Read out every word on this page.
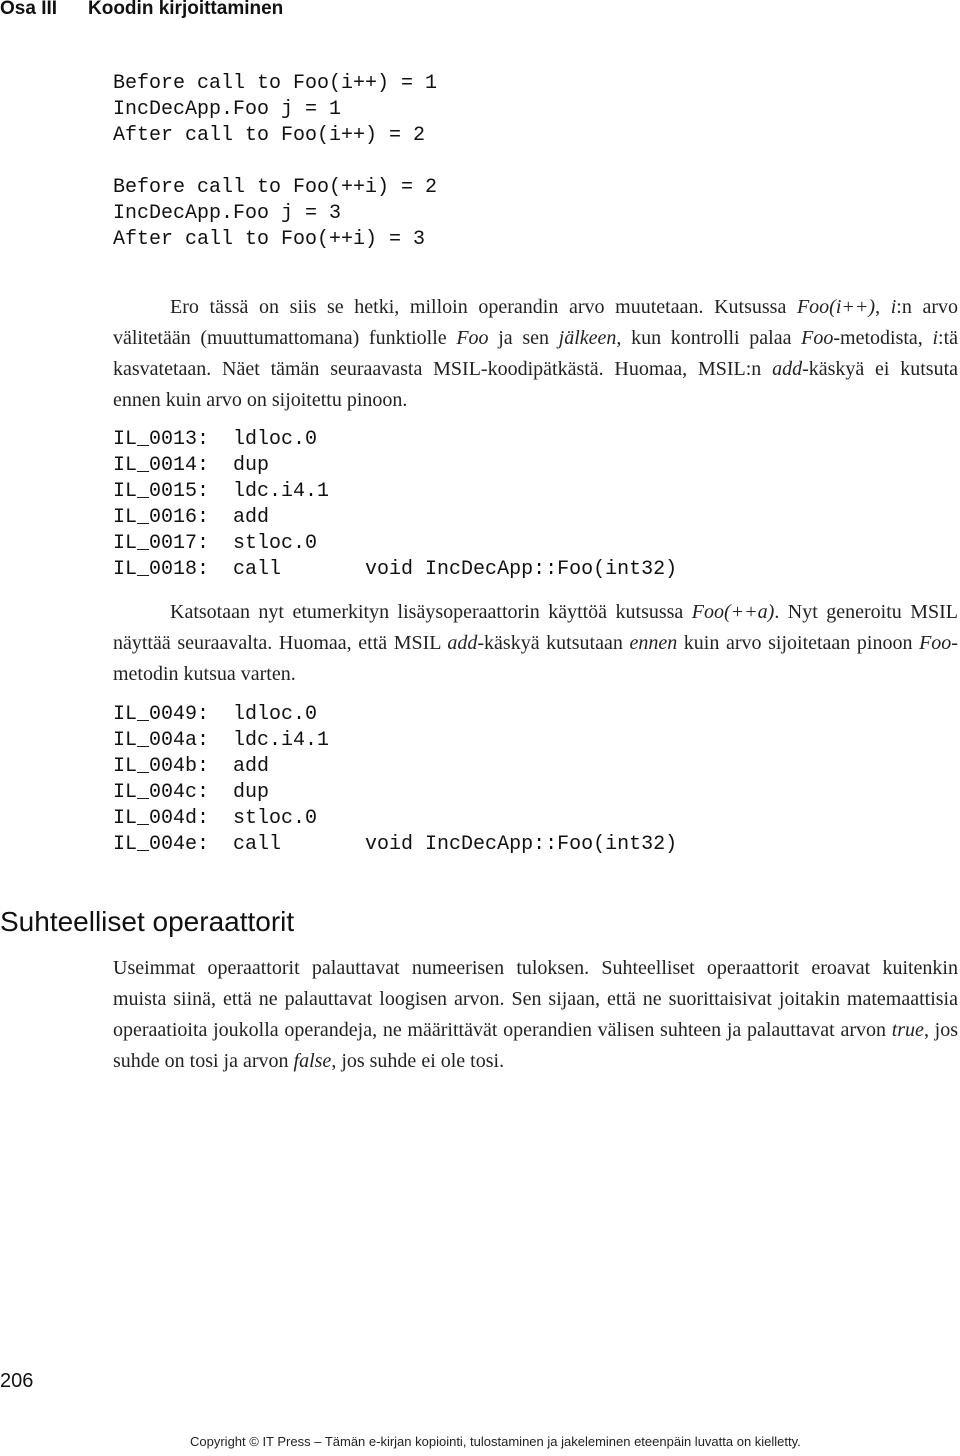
Osa III Koodin kirjoittaminen
Before call to Foo(i++) = 1
IncDecApp.Foo j = 1
After call to Foo(i++) = 2

Before call to Foo(++i) = 2
IncDecApp.Foo j = 3
After call to Foo(++i) = 3

Ero tässä on siis se hetki, milloin operandin arvo muutetaan. Kutsussa Foo(i++), i:n arvo välitetään (muuttumattomana) funktiolle Foo ja sen jälkeen, kun kontrolli palaa Foo-metodista, i:tä kasvatetaan. Näet tämän seuraavasta MSIL-koodipätkästä. Huomaa, MSIL:n add-käskyä ei kutsuta ennen kuin arvo on sijoitettu pinoon.

IL_0013:  ldloc.0
IL_0014:  dup
IL_0015:  ldc.i4.1
IL_0016:  add
IL_0017:  stloc.0
IL_0018:  call       void IncDecApp::Foo(int32)

Katsotaan nyt etumerkityn lisäysoperaattorin käyttöä kutsussa Foo(++a). Nyt generoitu MSIL näyttää seuraavalta. Huomaa, että MSIL add-käskyä kutsutaan ennen kuin arvo sijoitetaan pinoon Foo-metodin kutsua varten.

IL_0049:  ldloc.0
IL_004a:  ldc.i4.1
IL_004b:  add
IL_004c:  dup
IL_004d:  stloc.0
IL_004e:  call       void IncDecApp::Foo(int32)
Suhteelliset operaattorit

Useimmat operaattorit palauttavat numeerisen tuloksen. Suhteelliset operaattorit eroavat kuitenkin muista siinä, että ne palauttavat loogisen arvon. Sen sijaan, että ne suorittaisivat joitakin matemaattisia operaatioita joukolla operandeja, ne määrittävät operandien välisen suhteen ja palauttavat arvon true, jos suhde on tosi ja arvon false, jos suhde ei ole tosi.

206
Copyright © IT Press – Tämän e-kirjan kopiointi, tulostaminen ja jakeleminen eteenpäin luvatta on kielletty.
